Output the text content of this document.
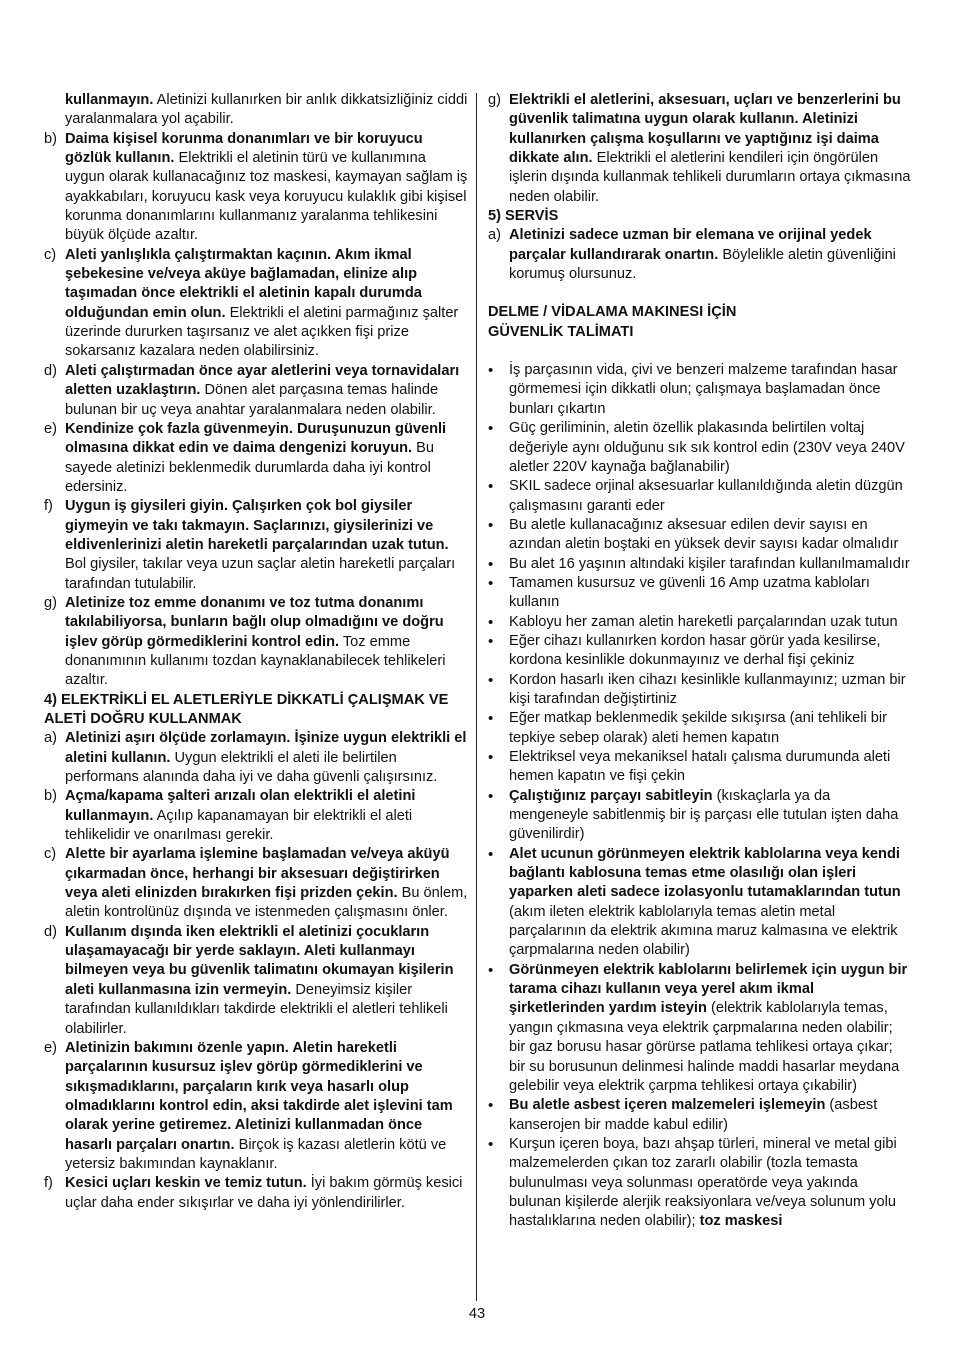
kullanmayın. Aletinizi kullanırken bir anlık dikkatsizliğiniz ciddi yaralanmalara yol açabilir.
b) Daima kişisel korunma donanımları ve bir koruyucu gözlük kullanın. Elektrikli el aletinin türü ve kullanımına uygun olarak kullanacağınız toz maskesi, kaymayan sağlam iş ayakkabıları, koruyucu kask veya koruyucu kulaklık gibi kişisel korunma donanımlarını kullanmanız yaralanma tehlikesini büyük ölçüde azaltır.
c) Aleti yanlışlıkla çalıştırmaktan kaçının. Akım ikmal şebekesine ve/veya aküye bağlamadan, elinize alıp taşımadan önce elektrikli el aletinin kapalı durumda olduğundan emin olun. Elektrikli el aletini parmağınız şalter üzerinde dururken taşırsanız ve alet açıkken fişi prize sokarsanız kazalara neden olabilirsiniz.
d) Aleti çalıştırmadan önce ayar aletlerini veya tornavidaları aletten uzaklaştırın. Dönen alet parçasına temas halinde bulunan bir uç veya anahtar yaralanmalara neden olabilir.
e) Kendinize çok fazla güvenmeyin. Duruşunuzun güvenli olmasına dikkat edin ve daima dengenizi koruyun. Bu sayede aletinizi beklenmedik durumlarda daha iyi kontrol edersiniz.
f) Uygun iş giysileri giyin. Çalışırken çok bol giysiler giymeyin ve takı takmayın. Saçlarınızı, giysilerinizi ve eldivenlerinizi aletin hareketli parçalarından uzak tutun. Bol giysiler, takılar veya uzun saçlar aletin hareketli parçaları tarafından tutulabilir.
g) Aletinize toz emme donanımı ve toz tutma donanımı takılabiliyorsa, bunların bağlı olup olmadığını ve doğru işlev görüp görmediklerini kontrol edin. Toz emme donanımının kullanımı tozdan kaynaklanabilecek tehlikeleri azaltır.
4) ELEKTRİKLİ EL ALETLERİYLE DİKKATLİ ÇALIŞMAK VE ALETİ DOĞRU KULLANMAK
a) Aletinizi aşırı ölçüde zorlamayın. İşinize uygun elektrikli el aletini kullanın. Uygun elektrikli el aleti ile belirtilen performans alanında daha iyi ve daha güvenli çalışırsınız.
b) Açma/kapama şalteri arızalı olan elektrikli el aletini kullanmayın. Açılıp kapanamayan bir elektrikli el aleti tehlikelidir ve onarılması gerekir.
c) Alette bir ayarlama işlemine başlamadan ve/veya aküyü çıkarmadan önce, herhangi bir aksesuarı değiştirirken veya aleti elinizden bırakırken fişi prizden çekin. Bu önlem, aletin kontrolünüz dışında ve istenmeden çalışmasını önler.
d) Kullanım dışında iken elektrikli el aletinizi çocukların ulaşamayacağı bir yerde saklayın. Aleti kullanmayı bilmeyen veya bu güvenlik talimatını okumayan kişilerin aleti kullanmasına izin vermeyin. Deneyimsiz kişiler tarafından kullanıldıkları takdirde elektrikli el aletleri tehlikeli olabilirler.
e) Aletinizin bakımını özenle yapın. Aletin hareketli parçalarının kusursuz işlev görüp görmediklerini ve sıkışmadıklarını, parçaların kırık veya hasarlı olup olmadıklarını kontrol edin, aksi takdirde alet işlevini tam olarak yerine getiremez. Aletinizi kullanmadan önce hasarlı parçaları onartın. Birçok iş kazası aletlerin kötü ve yetersiz bakımından kaynaklanır.
f) Kesici uçları keskin ve temiz tutun. İyi bakım görmüş kesici uçlar daha ender sıkışırlar ve daha iyi yönlendirilirler.
g) Elektrikli el aletlerini, aksesuarı, uçları ve benzerlerini bu güvenlik talimatına uygun olarak kullanın. Aletinizi kullanırken çalışma koşullarını ve yaptığınız işi daima dikkate alın. Elektrikli el aletlerini kendileri için öngörülen işlerin dışında kullanmak tehlikeli durumların ortaya çıkmasına neden olabilir.
5) SERVİS
a) Aletinizi sadece uzman bir elemana ve orijinal yedek parçalar kullandırarak onartın. Böylelikle aletin güvenliğini korumuş olursunuz.
DELME / VİDALAMA MAKINESI İÇİN
GÜVENLİK TALİMATI
• İş parçasının vida, çivi ve benzeri malzeme tarafından hasar görmemesi için dikkatli olun; çalışmaya başlamadan önce bunları çıkartın
• Güç geriliminin, aletin özellik plakasında belirtilen voltaj değeriyle aynı olduğunu sık sık kontrol edin (230V veya 240V aletler 220V kaynağa bağlanabilir)
• SKIL sadece orjinal aksesuarlar kullanıldığında aletin düzgün çalışmasını garanti eder
• Bu aletle kullanacağınız aksesuar edilen devir sayısı en azından aletin boştaki en yüksek devir sayısı kadar olmalıdır
• Bu alet 16 yaşının altındaki kişiler tarafından kullanılmamalıdır
• Tamamen kusursuz ve güvenli 16 Amp uzatma kabloları kullanın
• Kabloyu her zaman aletin hareketli parçalarından uzak tutun
• Eğer cihazı kullanırken kordon hasar görür yada kesilirse, kordona kesinlikle dokunmayınız ve derhal fişi çekiniz
• Kordon hasarlı iken cihazı kesinlikle kullanmayınız; uzman bir kişi tarafından değiştirtiniz
• Eğer matkap beklenmedik şekilde sıkışırsa (ani tehlikeli bir tepkiye sebep olarak) aleti hemen kapatın
• Elektriksel veya mekaniksel hatalı çalısma durumunda aleti hemen kapatın ve fişi çekin
• Çalıştığınız parçayı sabitleyin (kıskaçlarla ya da mengeneyle sabitlenmiş bir iş parçası elle tutulan işten daha güvenilirdir)
• Alet ucunun görünmeyen elektrik kablolarına veya kendi bağlantı kablosuna temas etme olasılığı olan işleri yaparken aleti sadece izolasyonlu tutamaklarından tutun (akım ileten elektrik kablolarıyla temas aletin metal parçalarının da elektrik akımına maruz kalmasına ve elektrik çarpmalarına neden olabilir)
• Görünmeyen elektrik kablolarını belirlemek için uygun bir tarama cihazı kullanın veya yerel akım ikmal şirketlerinden yardım isteyin (elektrik kablolarıyla temas, yangın çıkmasına veya elektrik çarpmalarına neden olabilir; bir gaz borusu hasar görürse patlama tehlikesi ortaya çıkar; bir su borusunun delinmesi halinde maddi hasarlar meydana gelebilir veya elektrik çarpma tehlikesi ortaya çıkabilir)
• Bu aletle asbest içeren malzemeleri işlemeyin (asbest kanserojen bir madde kabul edilir)
• Kurşun içeren boya, bazı ahşap türleri, mineral ve metal gibi malzemelerden çıkan toz zararlı olabilir (tozla temasta bulunulması veya solunması operatörde veya yakında bulunan kişilerde alerjik reaksiyonlara ve/veya solunum yolu hastalıklarına neden olabilir); toz maskesi
43
